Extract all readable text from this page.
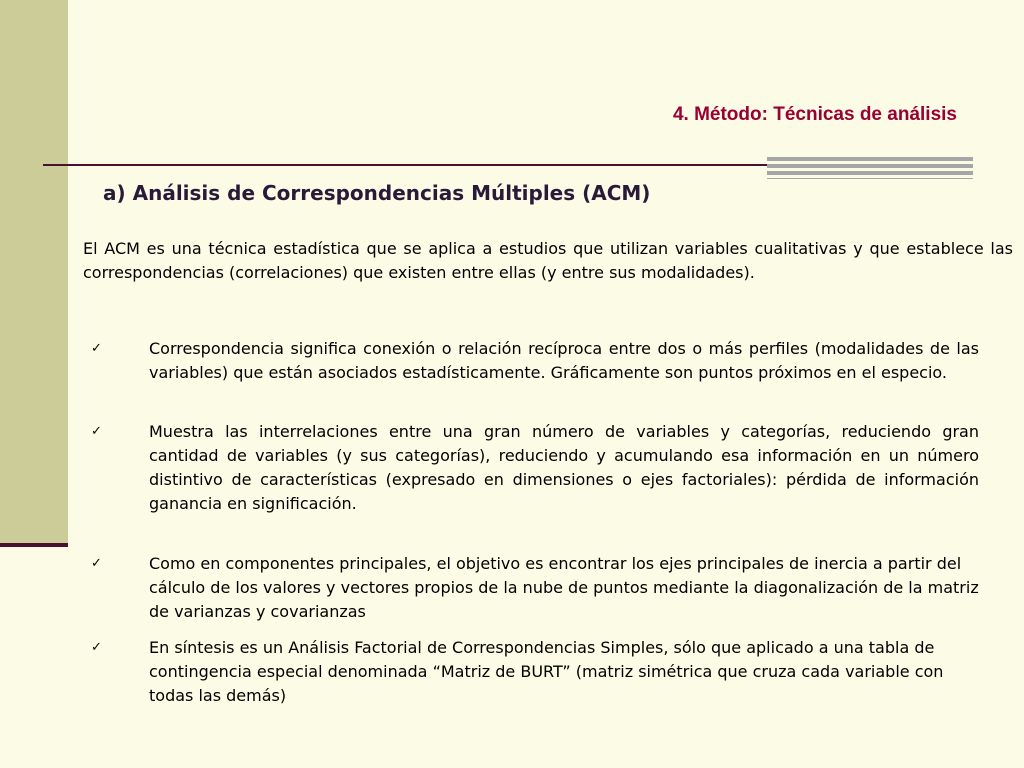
4. Método: Técnicas de análisis
a) Análisis de Correspondencias Múltiples (ACM)
El ACM es una técnica estadística que se aplica a estudios que utilizan variables cualitativas y que establece las correspondencias (correlaciones) que existen entre ellas (y entre sus modalidades).
✓	Correspondencia significa conexión o relación recíproca entre dos o más perfiles (modalidades de las variables) que están asociados estadísticamente. Gráficamente son puntos próximos en el especio.
✓	Muestra las interrelaciones entre una gran número de variables y categorías, reduciendo gran cantidad de variables (y sus categorías), reduciendo y acumulando esa información en un número distintivo de características (expresado en dimensiones o ejes factoriales): pérdida de información ganancia en significación.
✓	Como en componentes principales, el objetivo es encontrar los ejes principales de inercia a partir del cálculo de los valores y vectores propios de la nube de puntos mediante la diagonalización de la matriz de varianzas y covarianzas
✓	En síntesis es un Análisis Factorial de Correspondencias Simples, sólo que aplicado a una tabla de contingencia especial denominada “Matriz de BURT” (matriz simétrica que cruza cada variable con todas las demás)
